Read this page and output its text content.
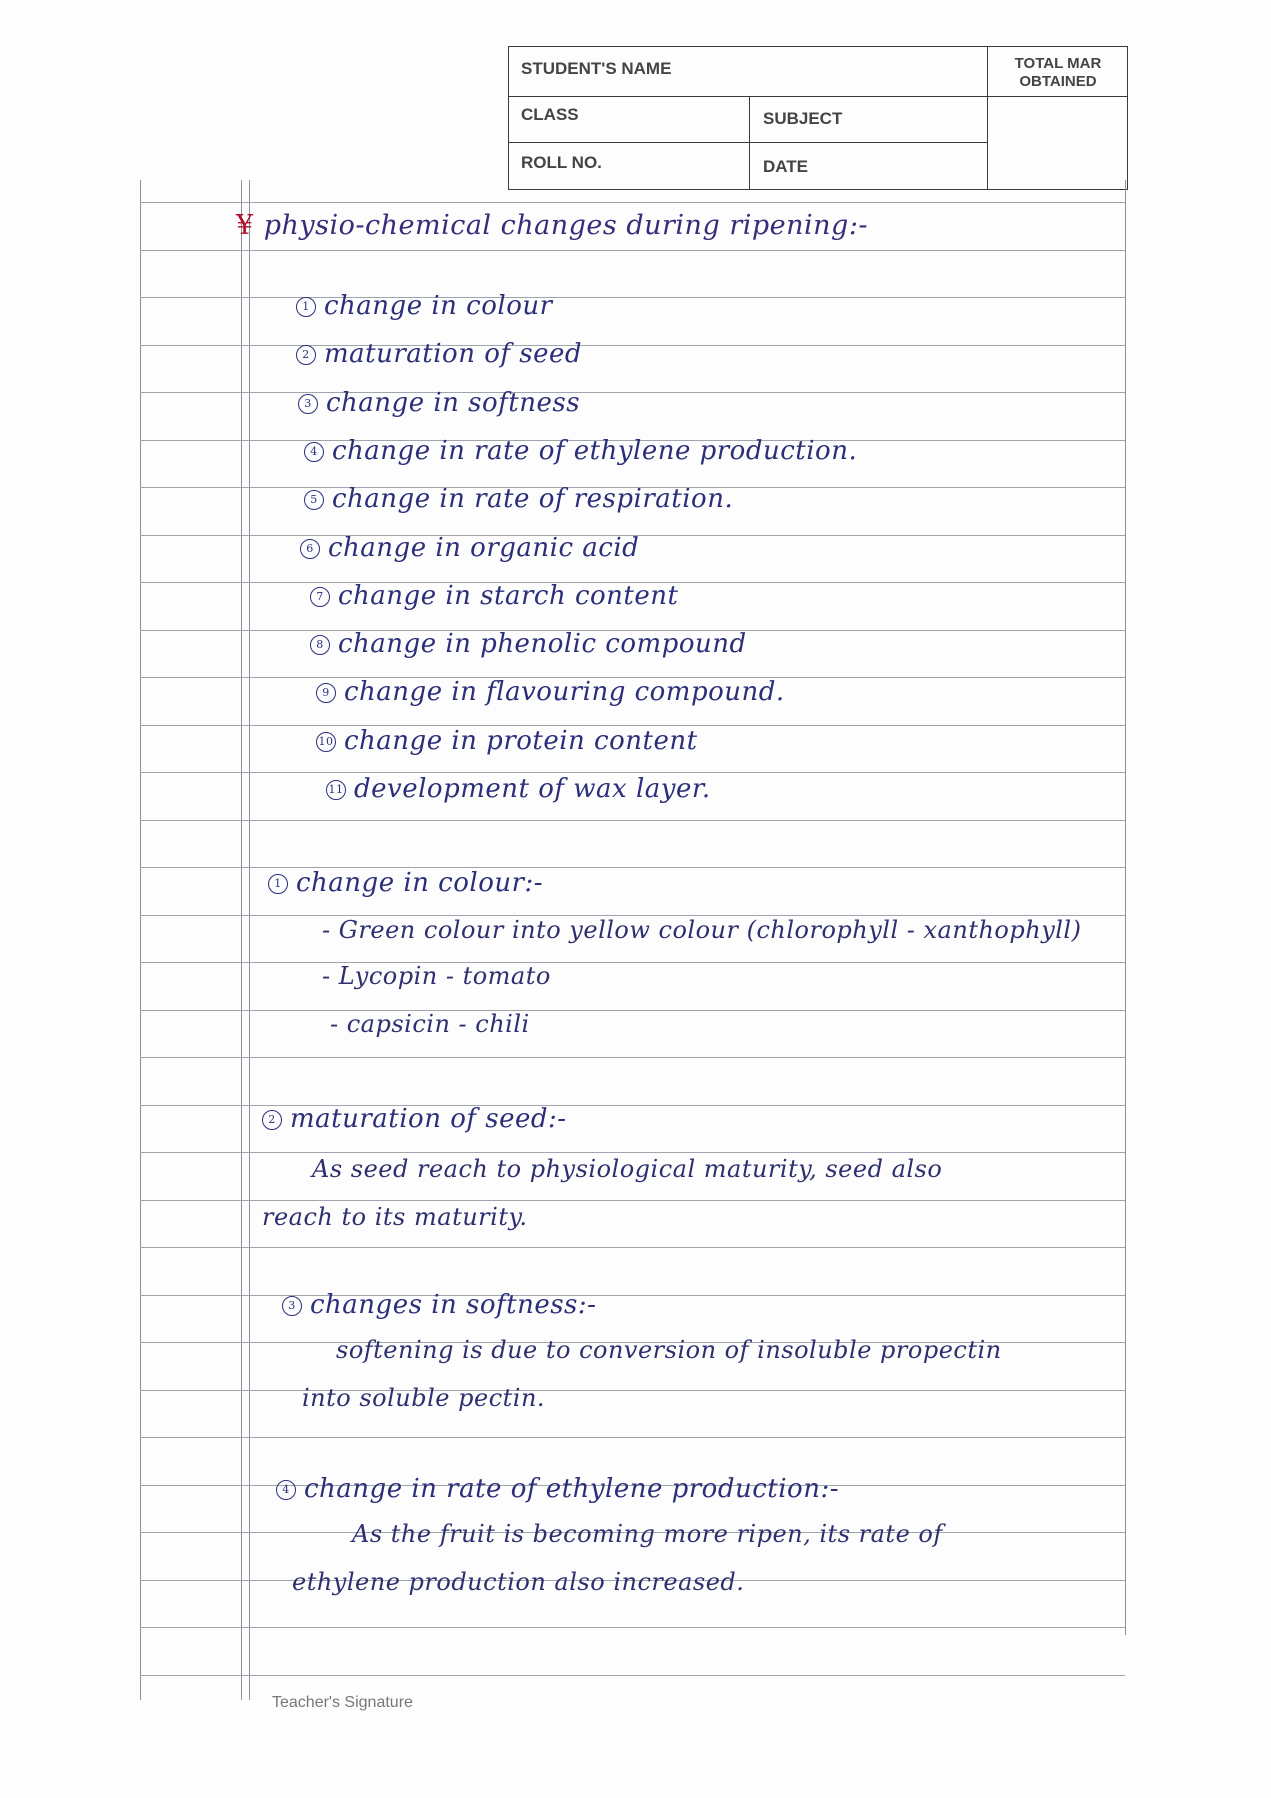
STUDENT'S NAME	TOTAL MAR
OBTAINED
CLASS	SUBJECT
ROLL NO.	DATE
¥ physio-chemical changes during ripening:-
1 change in colour
2 maturation of seed
3 change in softness
4 change in rate of ethylene production.
5 change in rate of respiration.
6 change in organic acid
7 change in starch content
8 change in phenolic compound
9 change in flavouring compound.
10 change in protein content
11 development of wax layer.
1 change in colour:-
- Green colour into yellow colour (chlorophyll - xanthophyll)
- Lycopin - tomato
- capsicin - chili
2 maturation of seed:-
As seed reach to physiological maturity, seed also
reach to its maturity.
3 changes in softness:-
softening is due to conversion of insoluble propectin
into soluble pectin.
4 change in rate of ethylene production:-
As the fruit is becoming more ripen, its rate of
ethylene production also increased.
Teacher's Signature
